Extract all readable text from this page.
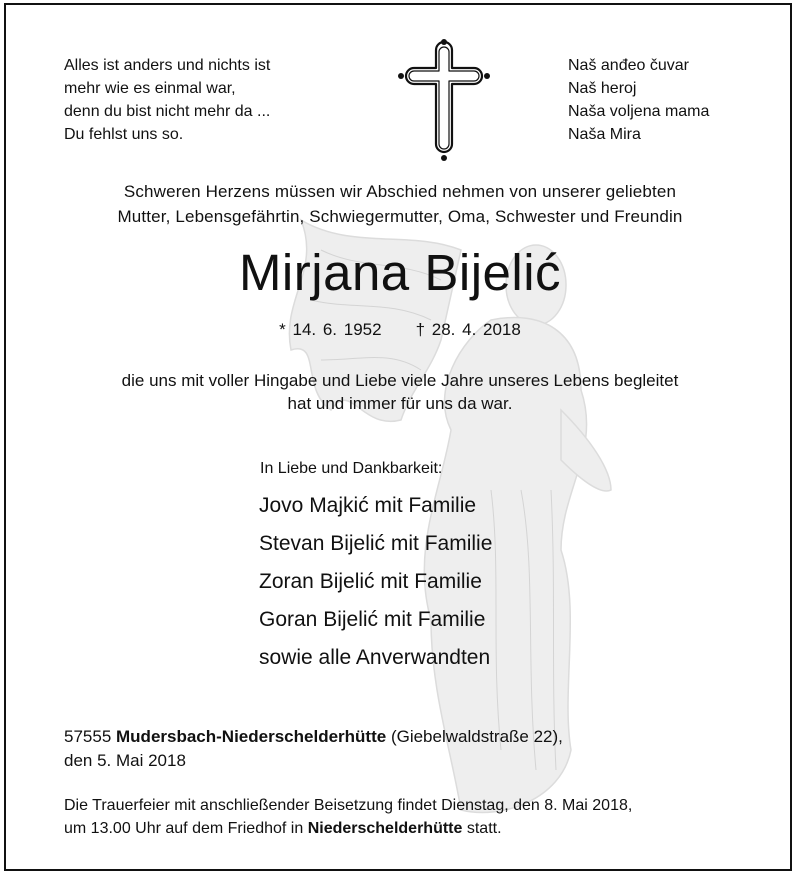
Alles ist anders und nichts ist
mehr wie es einmal war,
denn du bist nicht mehr da ...
Du fehlst uns so.
Naš anđeo čuvar
Naš heroj
Naša voljena mama
Naša Mira
Schweren Herzens müssen wir Abschied nehmen von unserer geliebten
Mutter, Lebensgefährtin, Schwiegermutter, Oma, Schwester und Freundin
Mirjana Bijelić
* 14. 6. 1952 † 28. 4. 2018
die uns mit voller Hingabe und Liebe viele Jahre unseres Lebens begleitet
hat und immer für uns da war.
In Liebe und Dankbarkeit:
Jovo Majkić mit Familie
Stevan Bijelić mit Familie
Zoran Bijelić mit Familie
Goran Bijelić mit Familie
sowie alle Anverwandten
57555 Mudersbach-Niederschelderhütte (Giebelwaldstraße 22),
den 5. Mai 2018
Die Trauerfeier mit anschließender Beisetzung findet Dienstag, den 8. Mai 2018,
um 13.00 Uhr auf dem Friedhof in Niederschelderhütte statt.
